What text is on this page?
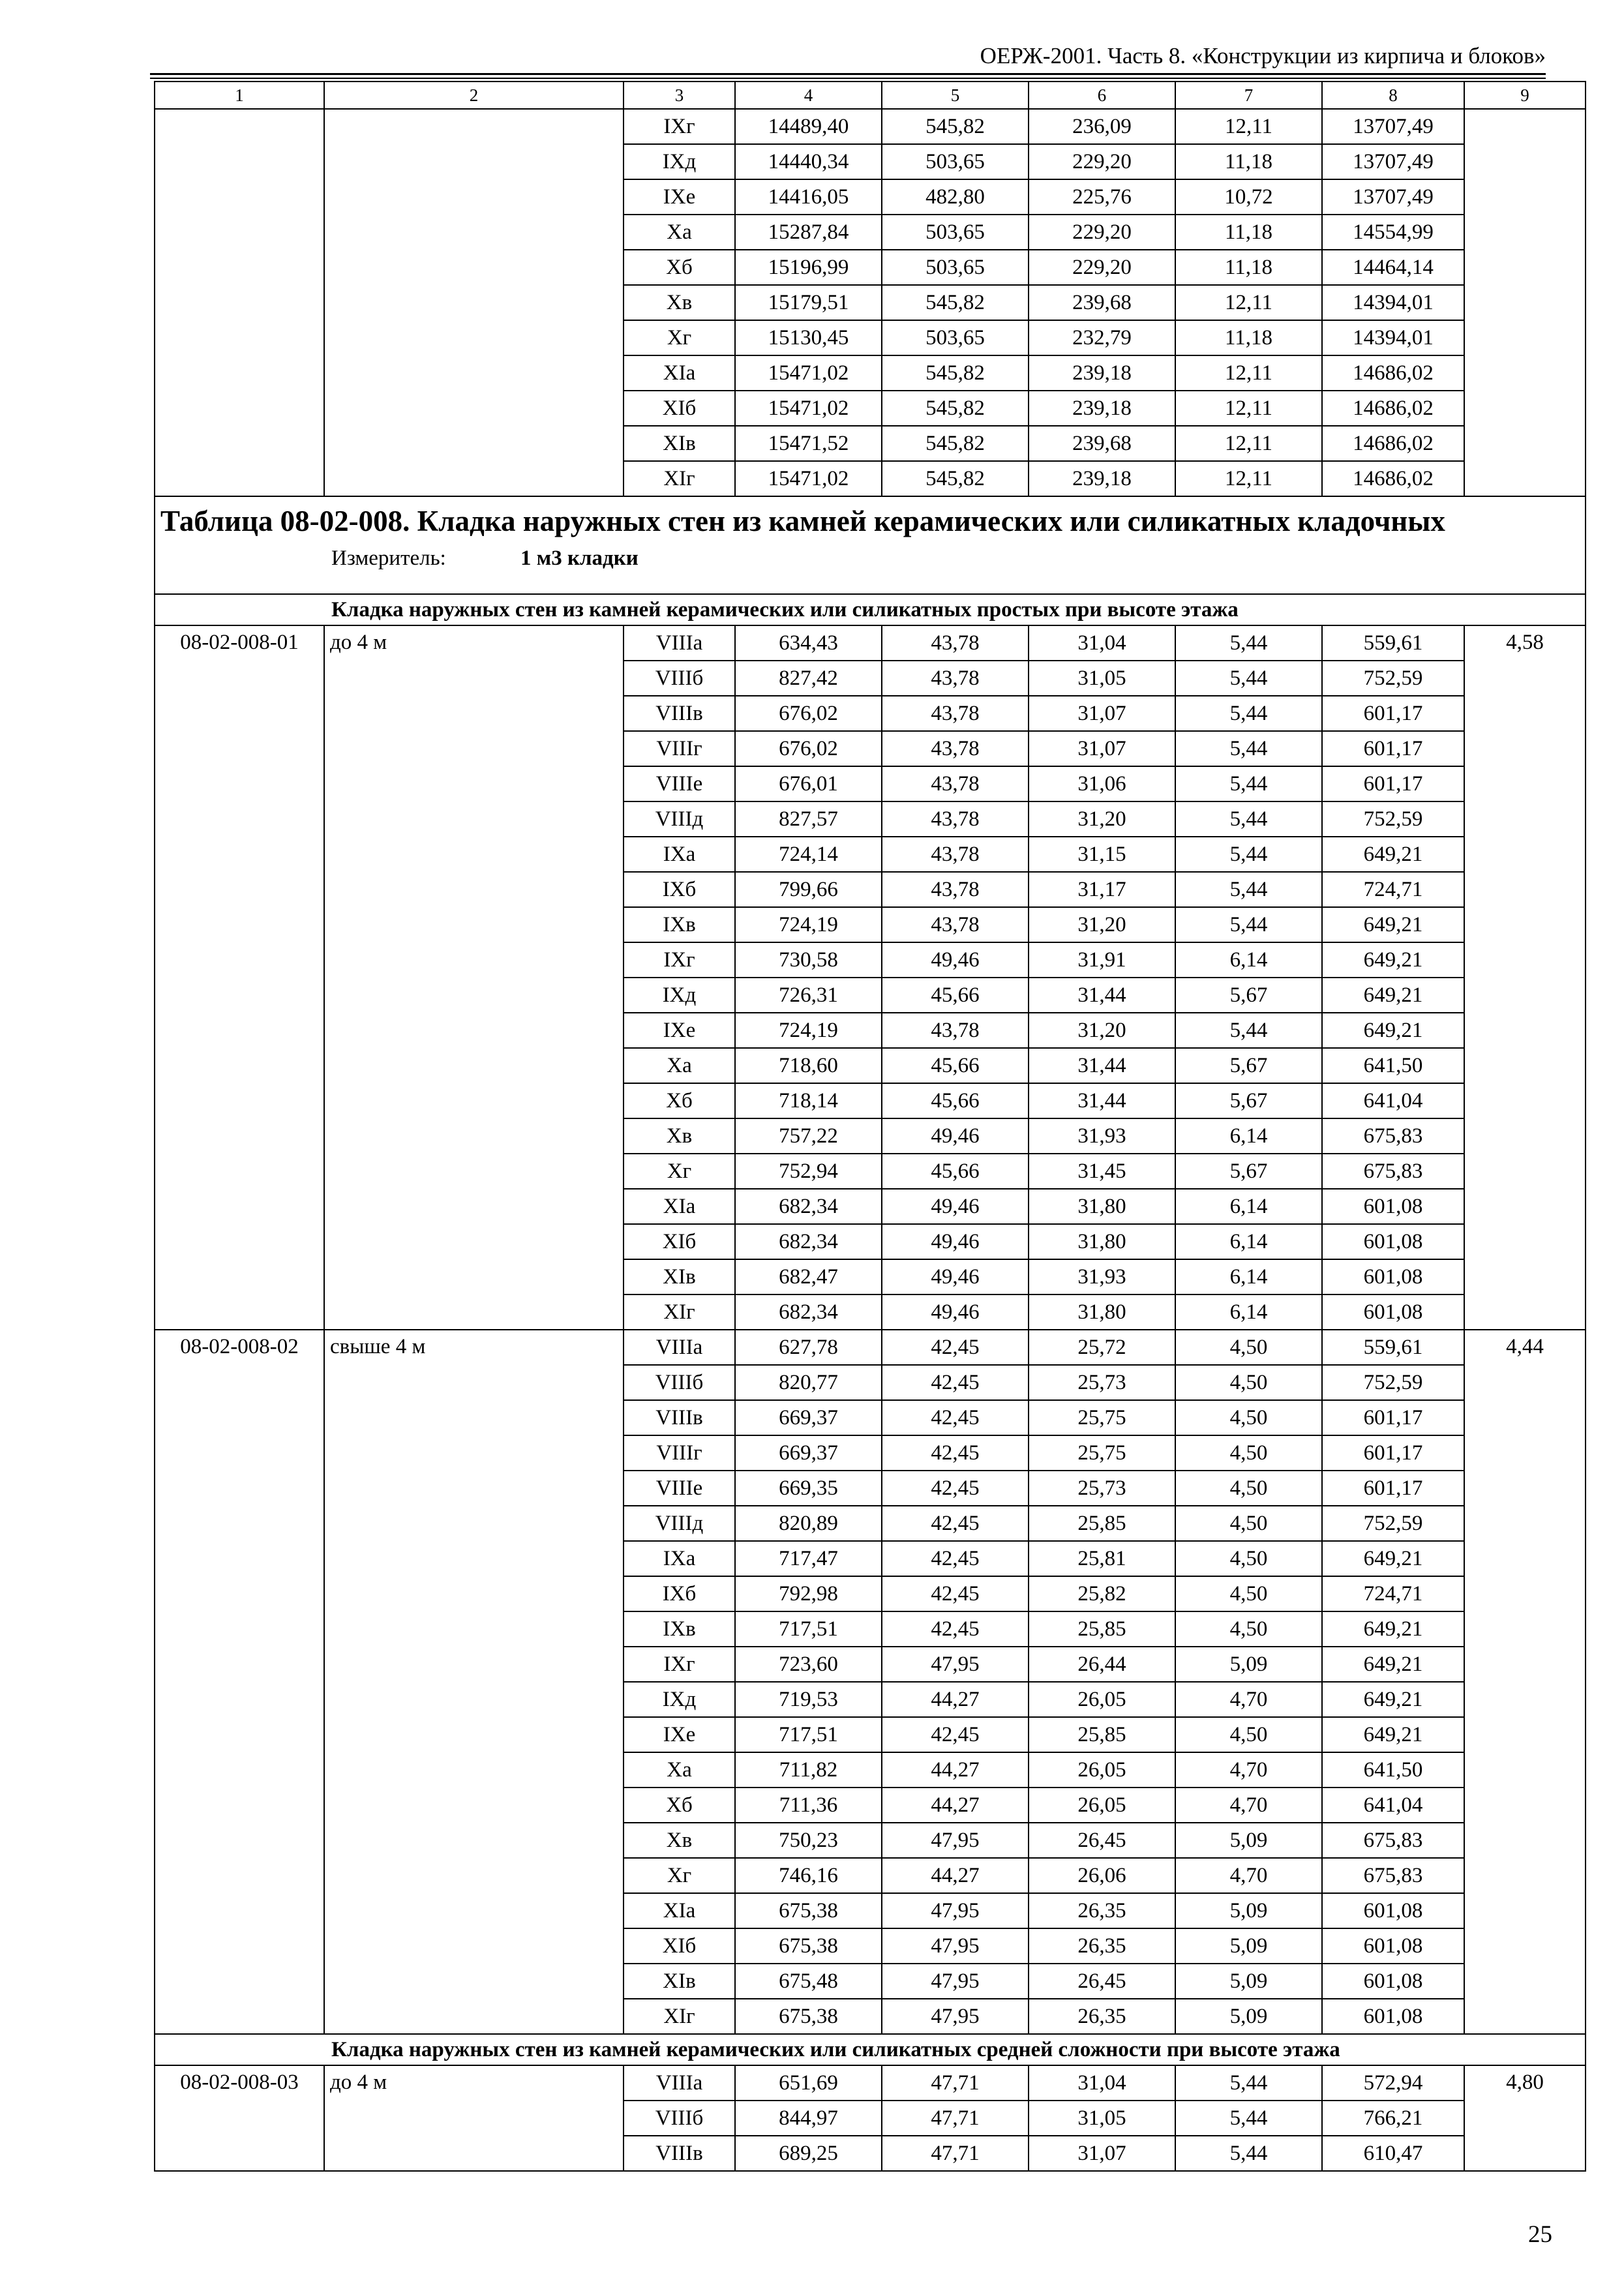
ОЕРЖ-2001. Часть 8. «Конструкции из кирпича и блоков»
1	2	3	4	5	6	7	8	9
		IXг	14489,40	545,82	236,09	12,11	13707,49	
		IXд	14440,34	503,65	229,20	11,18	13707,49	
		IXе	14416,05	482,80	225,76	10,72	13707,49	
		Xа	15287,84	503,65	229,20	11,18	14554,99	
		Xб	15196,99	503,65	229,20	11,18	14464,14	
		Xв	15179,51	545,82	239,68	12,11	14394,01	
		Xг	15130,45	503,65	232,79	11,18	14394,01	
		XIа	15471,02	545,82	239,18	12,11	14686,02	
		XIб	15471,02	545,82	239,18	12,11	14686,02	
		XIв	15471,52	545,82	239,68	12,11	14686,02	
		XIг	15471,02	545,82	239,18	12,11	14686,02	

Таблица 08-02-008. Кладка наружных стен из камней керамических или силикатных кладочных
Измеритель: 1 м3 кладки								

Кладка наружных стен из камней керамических или силикатных простых при высоте этажа								
08-02-008-01	до 4 м	VIIIа	634,43	43,78	31,04	5,44	559,61	4,58
		VIIIб	827,42	43,78	31,05	5,44	752,59	
		VIIIв	676,02	43,78	31,07	5,44	601,17	
		VIIIг	676,02	43,78	31,07	5,44	601,17	
		VIIIе	676,01	43,78	31,06	5,44	601,17	
		VIIIд	827,57	43,78	31,20	5,44	752,59	
		IXа	724,14	43,78	31,15	5,44	649,21	
		IXб	799,66	43,78	31,17	5,44	724,71	
		IXв	724,19	43,78	31,20	5,44	649,21	
		IXг	730,58	49,46	31,91	6,14	649,21	
		IXд	726,31	45,66	31,44	5,67	649,21	
		IXе	724,19	43,78	31,20	5,44	649,21	
		Xа	718,60	45,66	31,44	5,67	641,50	
		Xб	718,14	45,66	31,44	5,67	641,04	
		Xв	757,22	49,46	31,93	6,14	675,83	
		Xг	752,94	45,66	31,45	5,67	675,83	
		XIа	682,34	49,46	31,80	6,14	601,08	
		XIб	682,34	49,46	31,80	6,14	601,08	
		XIв	682,47	49,46	31,93	6,14	601,08	
		XIг	682,34	49,46	31,80	6,14	601,08	
08-02-008-02	свыше 4 м	VIIIа	627,78	42,45	25,72	4,50	559,61	4,44
		VIIIб	820,77	42,45	25,73	4,50	752,59	
		VIIIв	669,37	42,45	25,75	4,50	601,17	
		VIIIг	669,37	42,45	25,75	4,50	601,17	
		VIIIе	669,35	42,45	25,73	4,50	601,17	
		VIIIд	820,89	42,45	25,85	4,50	752,59	
		IXа	717,47	42,45	25,81	4,50	649,21	
		IXб	792,98	42,45	25,82	4,50	724,71	
		IXв	717,51	42,45	25,85	4,50	649,21	
		IXг	723,60	47,95	26,44	5,09	649,21	
		IXд	719,53	44,27	26,05	4,70	649,21	
		IXе	717,51	42,45	25,85	4,50	649,21	
		Xа	711,82	44,27	26,05	4,70	641,50	
		Xб	711,36	44,27	26,05	4,70	641,04	
		Xв	750,23	47,95	26,45	5,09	675,83	
		Xг	746,16	44,27	26,06	4,70	675,83	
		XIа	675,38	47,95	26,35	5,09	601,08	
		XIб	675,38	47,95	26,35	5,09	601,08	
		XIв	675,48	47,95	26,45	5,09	601,08	
		XIг	675,38	47,95	26,35	5,09	601,08	
Кладка наружных стен из камней керамических или силикатных средней сложности при высоте этажа								
08-02-008-03	до 4 м	VIIIа	651,69	47,71	31,04	5,44	572,94	4,80
		VIIIб	844,97	47,71	31,05	5,44	766,21	
		VIIIв	689,25	47,71	31,07	5,44	610,47	
25
